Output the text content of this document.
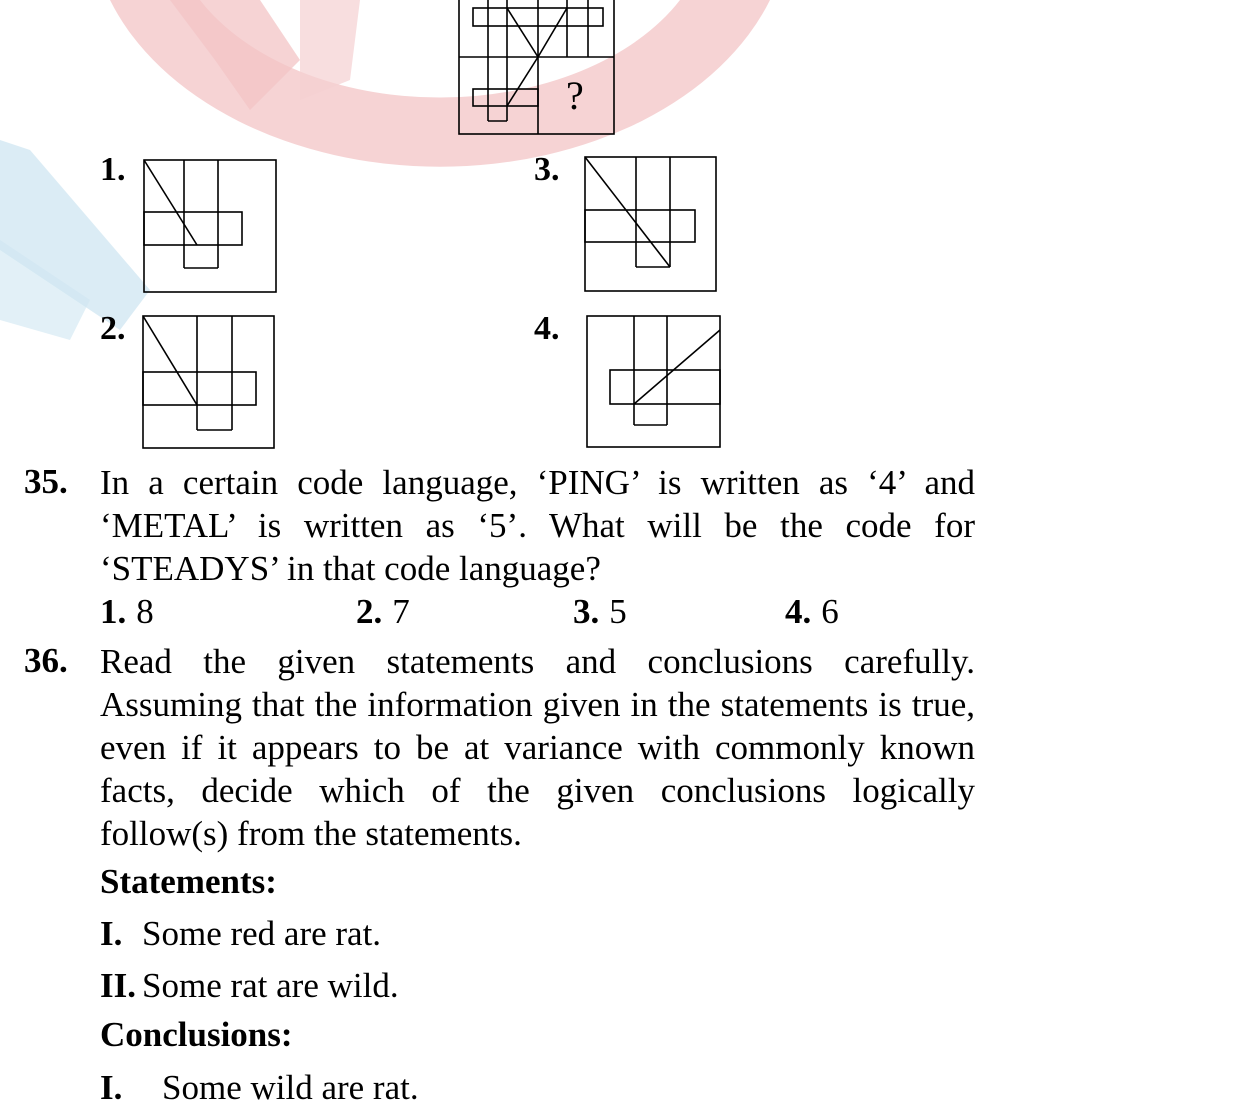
?
1.
2.
3.
4.
35. In a certain code language, ‘PING’ is written as ‘4’ and ‘METAL’ is written as ‘5’. What will be the code for ‘STEADYS’ in that code language?
1. 8	2. 7	3. 5	4. 6
36. Read the given statements and conclusions carefully. Assuming that the information given in the statements is true, even if it appears to be at variance with commonly known facts, decide which of the given conclusions logically follow(s) from the statements.
Statements:
I. Some red are rat.
II. Some rat are wild.
Conclusions:
I. Some wild are rat.
